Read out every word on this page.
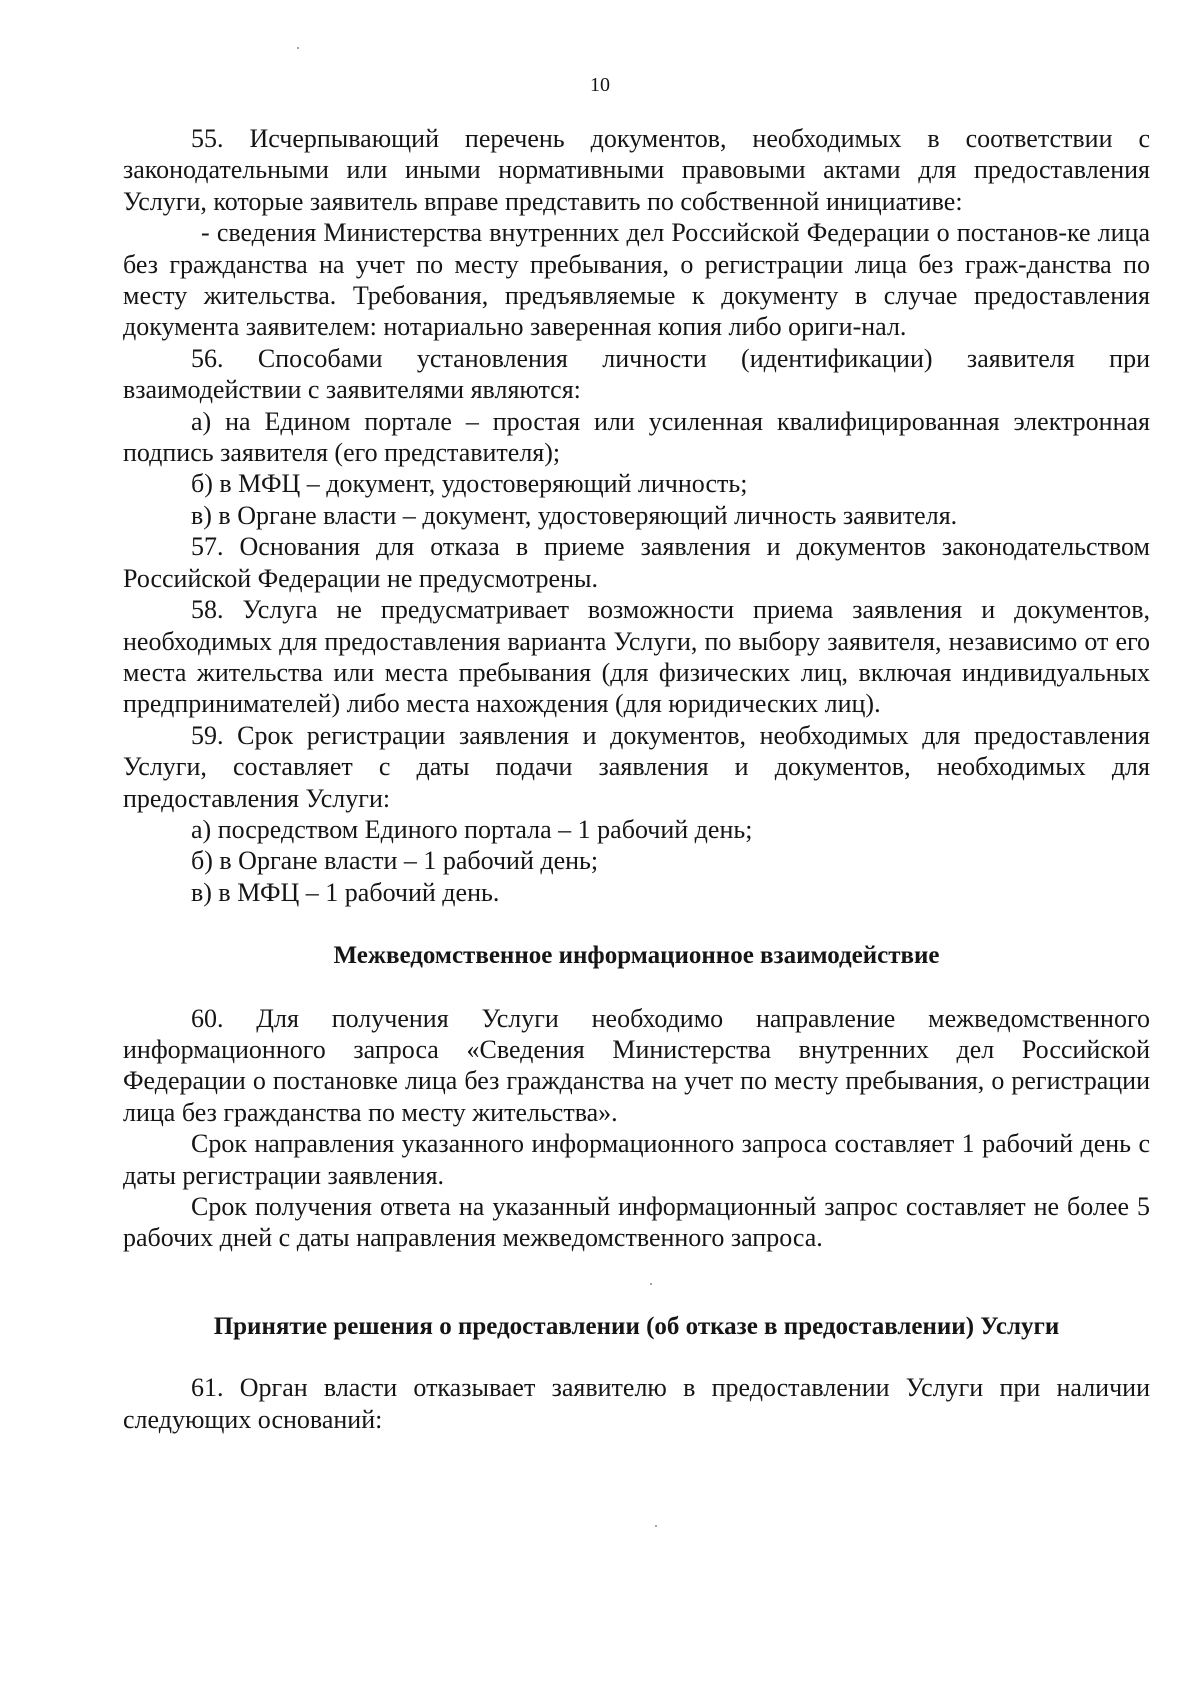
10

55. Исчерпывающий перечень документов, необходимых в соответствии с законодательными или иными нормативными правовыми актами для предоставления Услуги, которые заявитель вправе представить по собственной инициативе:

- сведения Министерства внутренних дел Российской Федерации о постанов-ке лица без гражданства на учет по месту пребывания, о регистрации лица без граж-данства по месту жительства. Требования, предъявляемые к документу в случае предоставления документа заявителем: нотариально заверенная копия либо ориги-нал.

56. Способами установления личности (идентификации) заявителя при взаимодействии с заявителями являются:

а) на Едином портале – простая или усиленная квалифицированная электронная подпись заявителя (его представителя);

б) в МФЦ – документ, удостоверяющий личность;

в) в Органе власти – документ, удостоверяющий личность заявителя.

57. Основания для отказа в приеме заявления и документов законодательством Российской Федерации не предусмотрены.

58. Услуга не предусматривает возможности приема заявления и документов, необходимых для предоставления варианта Услуги, по выбору заявителя, независимо от его места жительства или места пребывания (для физических лиц, включая индивидуальных предпринимателей) либо места нахождения (для юридических лиц).

59. Срок регистрации заявления и документов, необходимых для предоставления Услуги, составляет с даты подачи заявления и документов, необходимых для предоставления Услуги:

а) посредством Единого портала – 1 рабочий день;

б) в Органе власти – 1 рабочий день;

в) в МФЦ – 1 рабочий день.

Межведомственное информационное взаимодействие

60. Для получения Услуги необходимо направление межведомственного информационного запроса «Сведения Министерства внутренних дел Российской Федерации о постановке лица без гражданства на учет по месту пребывания, о регистрации лица без гражданства по месту жительства».

Срок направления указанного информационного запроса составляет 1 рабочий день с даты регистрации заявления.

Срок получения ответа на указанный информационный запрос составляет не более 5 рабочих дней с даты направления межведомственного запроса.

Принятие решения о предоставлении (об отказе в предоставлении) Услуги

61. Орган власти отказывает заявителю в предоставлении Услуги при наличии следующих оснований:
